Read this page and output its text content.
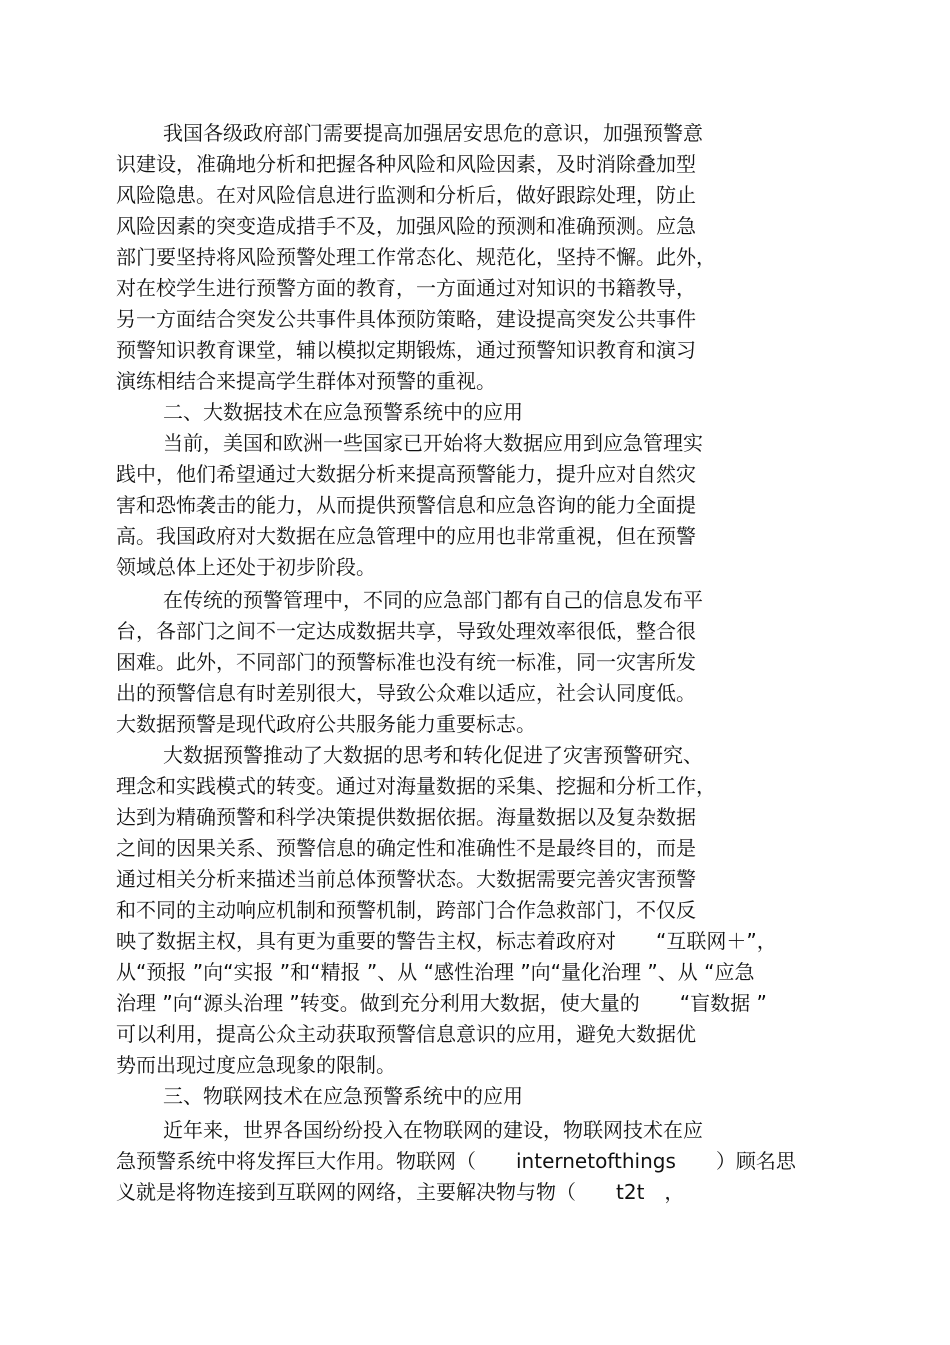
我国各级政府部门需要提高加强居安思危的意识，加强预警意
识建设，准确地分析和把握各种风险和风险因素，及时消除叠加型
风险隐患。在对风险信息进行监测和分析后，做好跟踪处理，防止
风险因素的突变造成措手不及，加强风险的预测和准确预测。应急
部门要坚持将风险预警处理工作常态化、规范化，坚持不懈。此外，
对在校学生进行预警方面的教育，一方面通过对知识的书籍教导，
另一方面结合突发公共事件具体预防策略，建设提高突发公共事件
预警知识教育课堂，辅以模拟定期锻炼，通过预警知识教育和演习
演练相结合来提高学生群体对预警的重视。
二、大数据技术在应急预警系统中的应用
当前，美国和欧洲一些国家已开始将大数据应用到应急管理实
践中，他们希望通过大数据分析来提高预警能力，提升应对自然灾
害和恐怖袭击的能力，从而提供预警信息和应急咨询的能力全面提
高。我国政府对大数据在应急管理中的应用也非常重視，但在预警
领域总体上还处于初步阶段。
在传统的预警管理中，不同的应急部门都有自己的信息发布平
台，各部门之间不一定达成数据共享，导致处理效率很低，整合很
困难。此外，不同部门的预警标准也没有统一标准，同一灾害所发
出的预警信息有时差别很大，导致公众难以适应，社会认同度低。
大数据预警是现代政府公共服务能力重要标志。
大数据预警推动了大数据的思考和转化促进了灾害预警研究、
理念和实践模式的转变。通过对海量数据的采集、挖掘和分析工作，
达到为精确预警和科学决策提供数据依据。海量数据以及复杂数据
之间的因果关系、预警信息的确定性和准确性不是最终目的，而是
通过相关分析来描述当前总体预警状态。大数据需要完善灾害预警
和不同的主动响应机制和预警机制，跨部门合作急救部门，不仅反
映了数据主权，具有更为重要的警告主权，标志着政府对　　“互联网＋”，
从“预报 ”向“实报 ”和“精报 ”、从 “感性治理 ”向“量化治理 ”、从 “应急
治理 ”向“源头治理 ”转变。做到充分利用大数据，使大量的　　“盲数据 ”
可以利用，提高公众主动获取预警信息意识的应用，避免大数据优
势而出现过度应急现象的限制。
三、物联网技术在应急预警系统中的应用
近年来，世界各国纷纷投入在物联网的建设，物联网技术在应
急预警系统中将发挥巨大作用。物联网（　　internetofthings　　）顾名思
义就是将物连接到互联网的网络，主要解决物与物（　　t2t　，
